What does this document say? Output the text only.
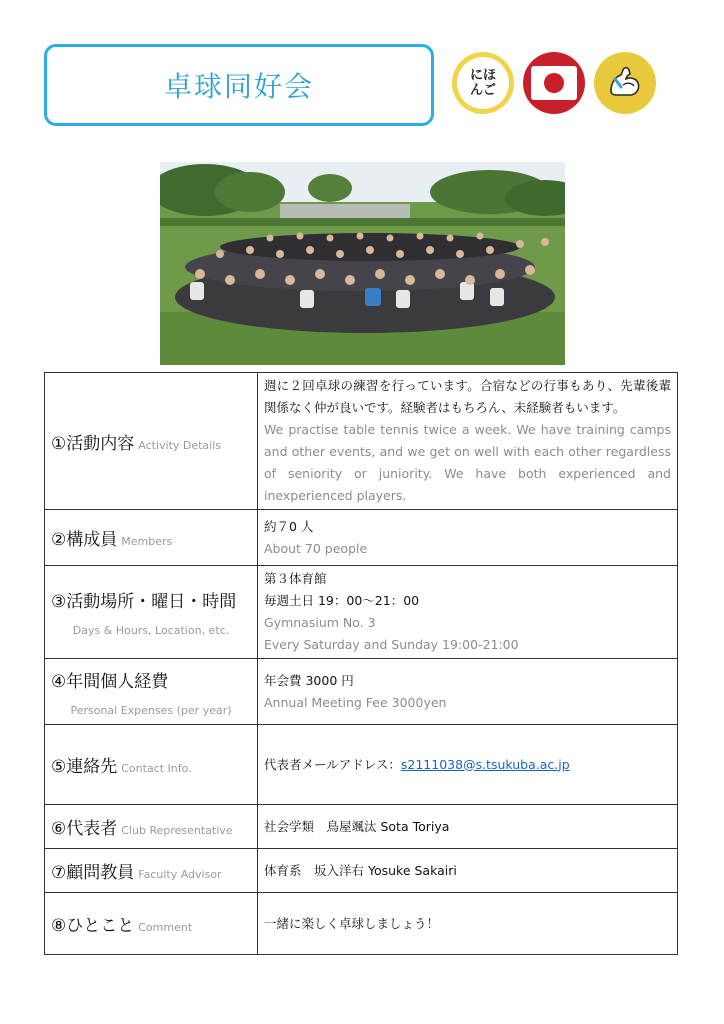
卓球同好会	にほ
んご
①活動内容 Activity Details	週に２回卓球の練習を行っています。合宿などの行事もあり、先輩後輩関係なく仲が良いです。経験者はもちろん、未経験者もいます。
We practise table tennis twice a week. We have training camps and other events, and we get on well with each other regardless of seniority or juniority. We have both experienced and inexperienced players.

②構成員 Members	約７0 人
About 70 people

③活動場所・曜日・時間
Days & Hours, Location, etc.	第３体育館
毎週土日 19：00～21：00
Gymnasium No. 3
Every Saturday and Sunday 19:00-21:00

④年間個人経費
Personal Expenses (per year)	年会費 3000 円
Annual Meeting Fee 3000yen

⑤連絡先 Contact Info.	代表者メールアドレス：s2111038@s.tsukuba.ac.jp

⑥代表者 Club Representative	社会学類　鳥屋颯汰 Sota Toriya

⑦顧問教員 Faculty Advisor	体育系　坂入洋右 Yosuke Sakairi

⑧ひとこと Comment	一緒に楽しく卓球しましょう！
